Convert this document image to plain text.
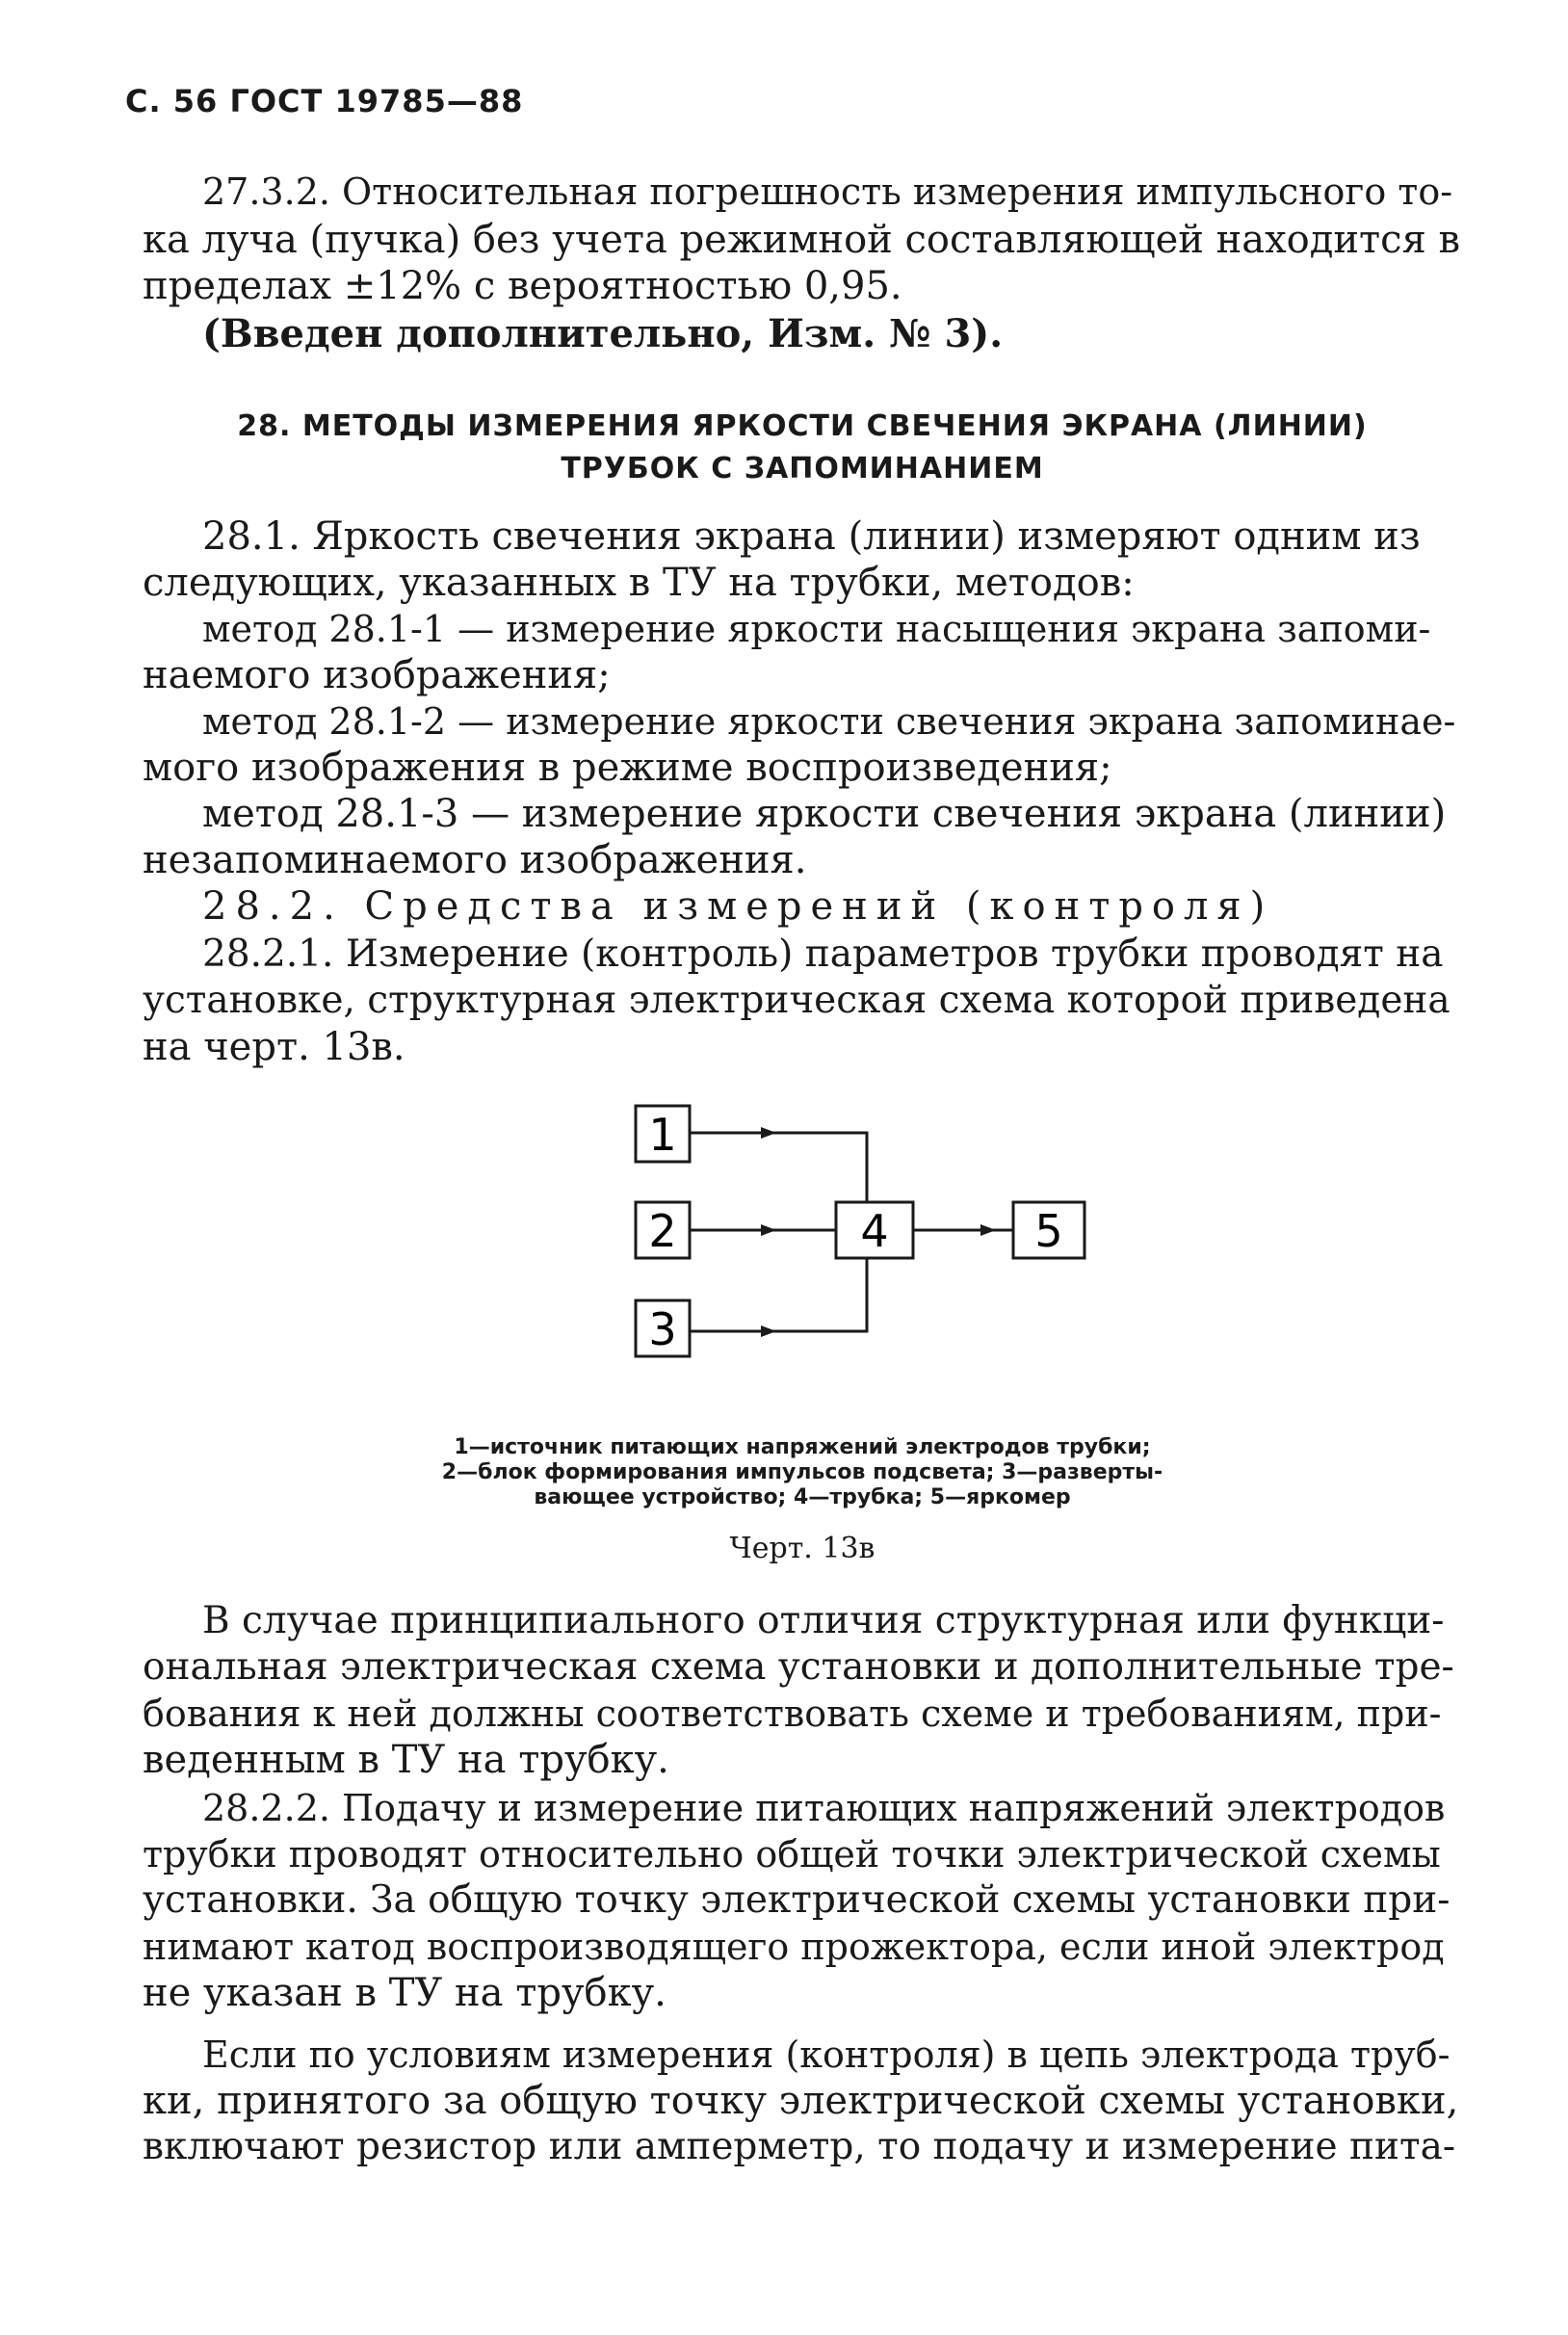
С. 56 ГОСТ 19785—88
27.3.2. Относительная погрешность измерения импульсного то-
ка луча (пучка) без учета режимной составляющей находится в
пределах ±12% с вероятностью 0,95.
(Введен дополнительно, Изм. № 3).
28. МЕТОДЫ ИЗМЕРЕНИЯ ЯРКОСТИ СВЕЧЕНИЯ ЭКРАНА (ЛИНИИ)
ТРУБОК С ЗАПОМИНАНИЕМ
28.1. Яркость свечения экрана (линии) измеряют одним из
следующих, указанных в ТУ на трубки, методов:
метод 28.1-1 — измерение яркости насыщения экрана запоми-
наемого изображения;
метод 28.1-2 — измерение яркости свечения экрана запоминае-
мого изображения в режиме воспроизведения;
метод 28.1-3 — измерение яркости свечения экрана (линии)
незапоминаемого изображения.
28.2. Средства измерений (контроля)
28.2.1. Измерение (контроль) параметров трубки проводят на
установке, структурная электрическая схема которой приведена
на черт. 13в.
1
2
3
4	5
1—источник питающих напряжений электродов трубки;
2—блок формирования импульсов подсвета; 3—разверты-
вающее устройство; 4—трубка; 5—яркомер
Черт. 13в
В случае принципиального отличия структурная или функци-
ональная электрическая схема установки и дополнительные тре-
бования к ней должны соответствовать схеме и требованиям, при-
веденным в ТУ на трубку.
28.2.2. Подачу и измерение питающих напряжений электродов
трубки проводят относительно общей точки электрической схемы
установки. За общую точку электрической схемы установки при-
нимают катод воспроизводящего прожектора, если иной электрод
не указан в ТУ на трубку.
Если по условиям измерения (контроля) в цепь электрода труб-
ки, принятого за общую точку электрической схемы установки,
включают резистор или амперметр, то подачу и измерение пита-
